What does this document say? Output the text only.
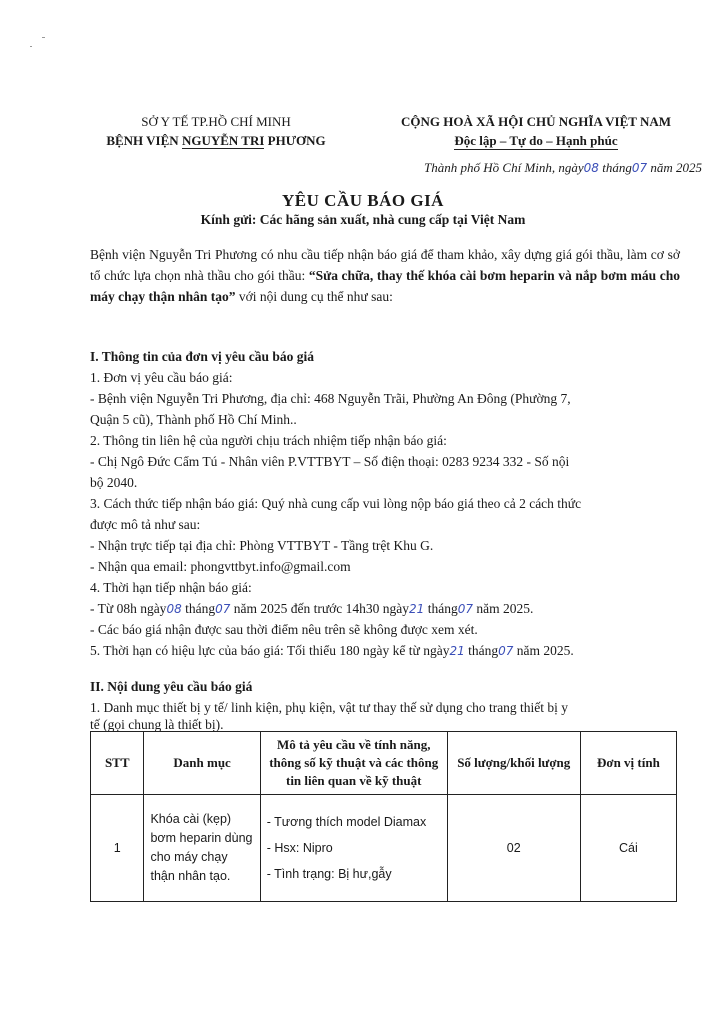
SỞ Y TẾ TP.HỒ CHÍ MINH
BỆNH VIỆN NGUYỄN TRI PHƯƠNG
CỘNG HOÀ XÃ HỘI CHỦ NGHĨA VIỆT NAM
Độc lập – Tự do – Hạnh phúc
Thành phố Hồ Chí Minh, ngày08 tháng07 năm 2025
YÊU CẦU BÁO GIÁ
Kính gửi: Các hãng sản xuất, nhà cung cấp tại Việt Nam
Bệnh viện Nguyễn Tri Phương có nhu cầu tiếp nhận báo giá để tham khảo, xây dựng giá gói thầu, làm cơ sở tổ chức lựa chọn nhà thầu cho gói thầu: “Sửa chữa, thay thế khóa cài bơm heparin và nắp bơm máu cho máy chạy thận nhân tạo” với nội dung cụ thể như sau:
I. Thông tin của đơn vị yêu cầu báo giá
1. Đơn vị yêu cầu báo giá:
- Bệnh viện Nguyễn Tri Phương, địa chỉ: 468 Nguyễn Trãi, Phường An Đông (Phường 7,
Quận 5 cũ), Thành phố Hồ Chí Minh..
2. Thông tin liên hệ của người chịu trách nhiệm tiếp nhận báo giá:
- Chị Ngô Đức Cẩm Tú - Nhân viên P.VTTBYT – Số điện thoại: 0283 9234 332 - Số nội
bộ 2040.
3. Cách thức tiếp nhận báo giá: Quý nhà cung cấp vui lòng nộp báo giá theo cả 2 cách thức
được mô tả như sau:
- Nhận trực tiếp tại địa chỉ: Phòng VTTBYT - Tầng trệt Khu G.
- Nhận qua email: phongvttbyt.info@gmail.com
4. Thời hạn tiếp nhận báo giá:
- Từ 08h ngày08 tháng07 năm 2025 đến trước 14h30 ngày21 tháng07 năm 2025.
- Các báo giá nhận được sau thời điểm nêu trên sẽ không được xem xét.
5. Thời hạn có hiệu lực của báo giá: Tối thiểu 180 ngày kể từ ngày21 tháng07 năm 2025.
II. Nội dung yêu cầu báo giá
1. Danh mục thiết bị y tế/ linh kiện, phụ kiện, vật tư thay thế sử dụng cho trang thiết bị y
tế (gọi chung là thiết bị).
STT	Danh mục	Mô tả yêu cầu về tính năng, thông số kỹ thuật và các thông tin liên quan về kỹ thuật	Số lượng/khối lượng	Đơn vị tính
1	Khóa cài (kẹp) bơm heparin dùng cho máy chạy thận nhân tạo.	- Tương thích model Diamax
- Hsx: Nipro
- Tình trạng: Bị hư,gẫy	02	Cái
